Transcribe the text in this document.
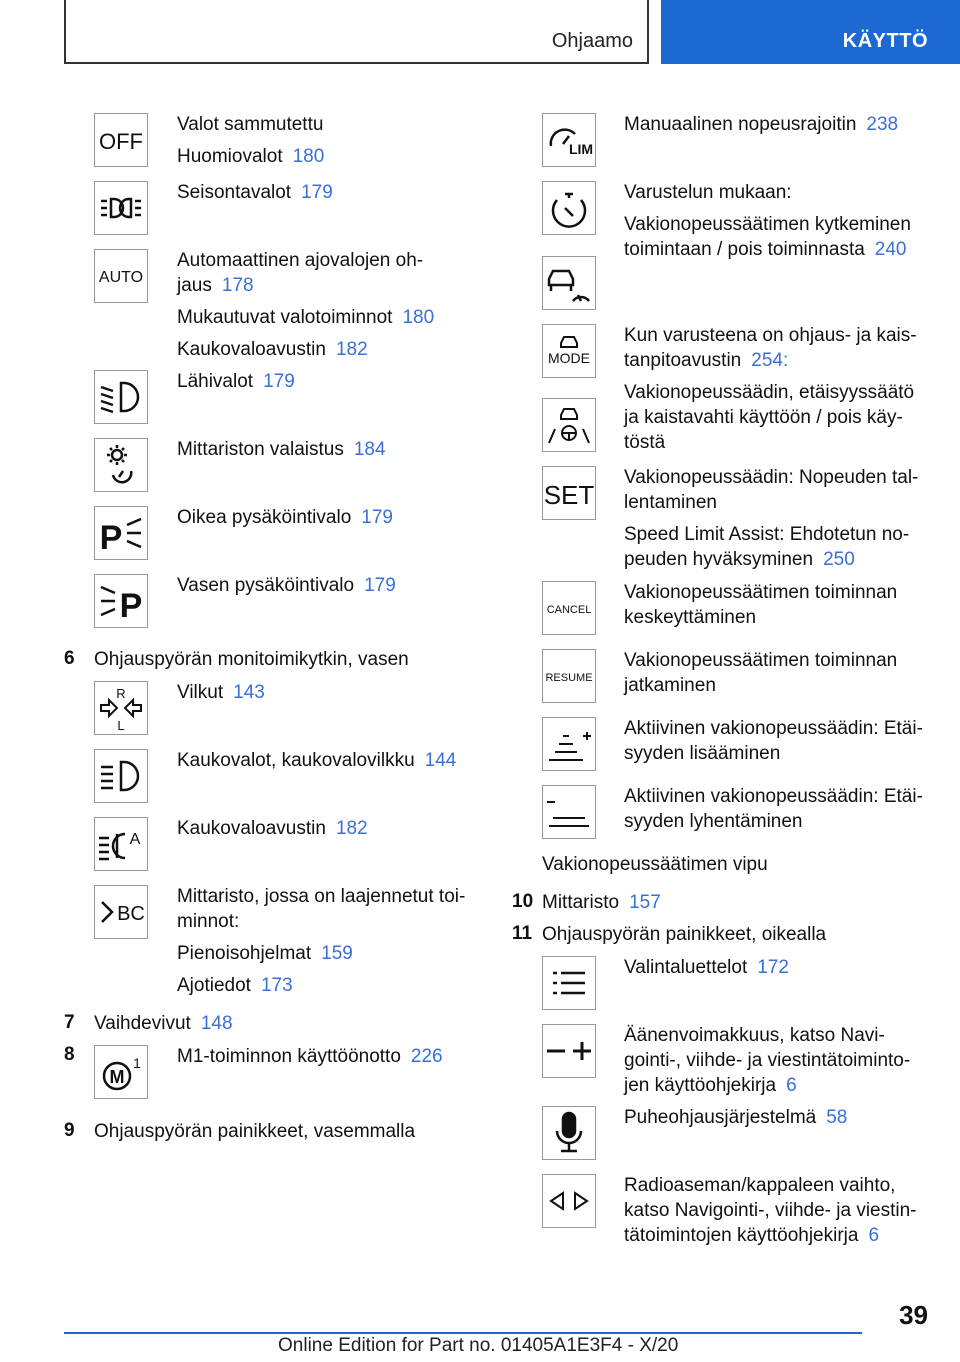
Ohjaamo	KÄYTTÖ
OFF
Valot sammutettu
Huomiovalot 180
Seisontavalot 179
AUTO
Automaattinen ajovalojen oh-
jaus 178
Mukautuvat valotoiminnot 180
Kaukovaloavustin 182
Lähivalot 179
Mittariston valaistus 184
P
Oikea pysäköintivalo 179
P
Vasen pysäköintivalo 179
6 Ohjauspyörän monitoimikytkin, vasen
R
L
Vilkut 143
Kaukovalot, kaukovalovilkku 144
A
Kaukovaloavustin 182
BC
Mittaristo, jossa on laajennetut toi-
minnot:
Pienoisohjelmat 159
Ajotiedot 173
7 Vaihdevivut 148
8
M
1 M1-toiminnon käyttöönotto 226
9 Ohjauspyörän painikkeet, vasemmalla
LIM
Manuaalinen nopeusrajoitin 238
Varustelun mukaan:
Vakionopeussäätimen kytkeminen
toimintaan / pois toiminnasta 240
MODE
Kun varusteena on ohjaus- ja kais-
tanpitoavustin 254:
Vakionopeussäädin, etäisyyssäätö
ja kaistavahti käyttöön / pois käy-
töstä
SET
Vakionopeussäädin: Nopeuden tal-
lentaminen
Speed Limit Assist: Ehdotetun no-
peuden hyväksyminen 250
CANCEL
Vakionopeussäätimen toiminnan
keskeyttäminen
RESUME
Vakionopeussäätimen toiminnan
jatkaminen
Aktiivinen vakionopeussäädin: Etäi-
syyden lisääminen
Aktiivinen vakionopeussäädin: Etäi-
syyden lyhentäminen
Vakionopeussäätimen vipu
10 Mittaristo 157
11 Ohjauspyörän painikkeet, oikealla
Valintaluettelot 172
Äänenvoimakkuus, katso Navi-
gointi-, viihde- ja viestintätoiminto-
jen käyttöohjekirja 6
Puheohjausjärjestelmä 58
Radioaseman/kappaleen vaihto,
katso Navigointi-, viihde- ja viestin-
tätoimintojen käyttöohjekirja 6
39
Online Edition for Part no. 01405A1E3F4 - X/20
